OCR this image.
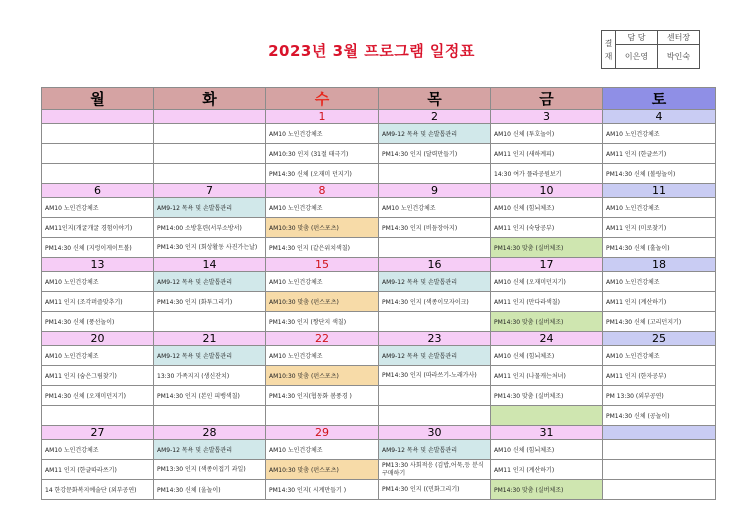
2023년 3월 프로그램 일정표	결
재	담 당	센터장
	이은영	박인숙
월	화	수	목	금	토
		1	2	3	4
		AM10 노인건강체조	AM9-12 목욕 및 손발톱관리	AM10 신체 (투호놀이)	AM10 노인건강체조
		AM10:30 인지 (31절 태극기)	PM14:30 인지 (달력만들기)	AM11 인지 (새하계피)	AM11 인지 (한글쓰기)
		PM14:30 신체 (오재미 던지기)		14:30 여가 플라공원보기	PM14:30 신체 (볼링놀이)
6	7	8	9	10	11
AM10 노인건강체조	AM9-12 목욕 및 손발톱관리	AM10 노인건강체조	AM10 노인건강체조	AM10 신체 (힘뇌체조)	AM10 노인건강체조
AM11인지(개굴개굴 경험이야기)	PM14:00 소방훈련(서부소방서)	AM10:30 맞춤 (펀스포츠)	PM14:30 인지 (비듬장아지)	AM11 인지 (숙당공부)	AM11 인지 (미로찾기)
PM14:30 신체 (지렁이게이트볼)	PM14:30 인지 (회상활동 사진가는날)	PM14:30 인지 (같은위치색칠)		PM14:30 맞춤 (실버체조)	PM14:30 신체 (훌놀이)
13	14	15	16	17	18
AM10 노인건강체조	AM9-12 목욕 및 손발톱관리	AM10 노인건강체조	AM9-12 목욕 및 손발톱관리	AM10 신체 (오재미던지기)	AM10 노인건강체조
AM11 인지 (조각퍼즐맞추기)	PM14:30 인지 (화투그리기)	AM10:30 맞춤 (펀스포츠)	PM14:30 인지 (색종이모자이크)	AM11 인지 (만다라색칠)	AM11 인지 (계산하기)
PM14:30 신체 (풍선놀이)		PM14:30 인지 (짱단지 색칠)		PM14:30 맞춤 (실버체조)	PM14:30 신체 (고리던지기)
20	21	22	23	24	25
AM10 노인건강체조	AM9-12 목욕 및 손발톱관리	AM10 노인건강체조	AM9-12 목욕 및 손발톱관리	AM10 신체 (힘뇌체조)	AM10 노인건강체조
AM11 인지 (숨은그림찾기)	13:30 가족지지 (생신잔치)	AM10:30 맞춤 (펀스포츠)	PM14:30 인지 (따라쓰기-노래가사)	AM11 인지 (나물캐는처녀)	AM11 인지 (한자공부)
PM14:30 신체 (오재미던지기)	PM14:30 인지 (본인 피뱅색칠)	PM14:30 인지(협동화 봄풍경 )		PM14:30 맞춤 (실버체조)	PM 13:30 (외부공연)
					PM14:30 신체 (공놀이)
27	28	29	30	31	
AM10 노인건강체조	AM9-12 목욕 및 손발톱관리	AM10 노인건강체조	AM9-12 목욕 및 손발톱관리	AM10 신체 (힘뇌체조)	
AM11 인지 (한글따라쓰기)	PM13:30 인지 (색종이접기 과일)	AM10:30 맞춤 (펀스포츠)	PM13:30 사회적응 (김밥,어묵,등 분식 구매하기	AM11 인지 (계산하기)	
14 한강문화복지예술단 (외부공연)	PM14:30 신체 (울놀이)	PM14:30 인지( 시계만들기 )	PM14:30 인지 ((민화그리기)	PM14:30 맞춤 (실버체조)	
